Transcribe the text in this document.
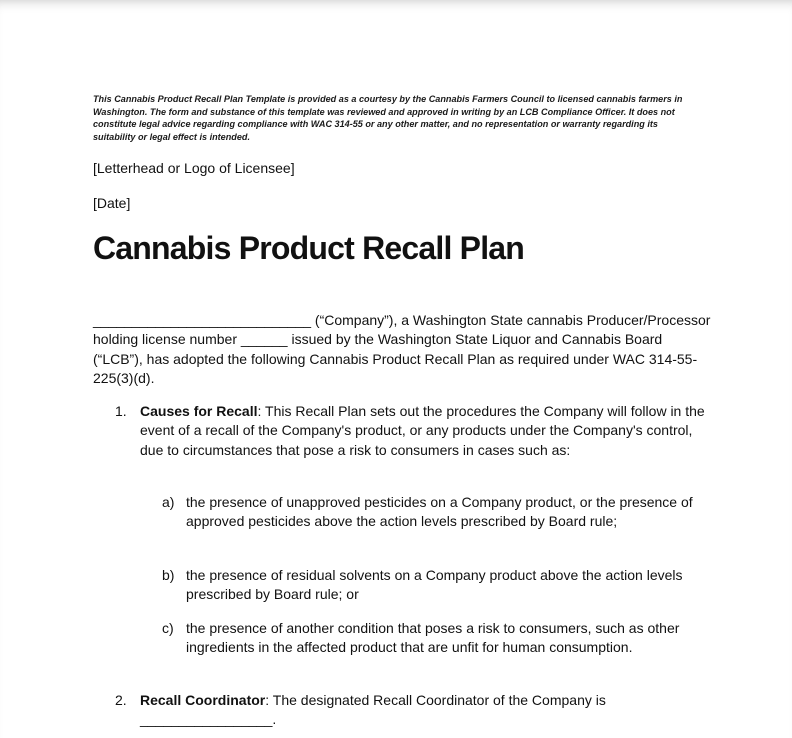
This Cannabis Product Recall Plan Template is provided as a courtesy by the Cannabis Farmers Council to licensed cannabis farmers in Washington. The form and substance of this template was reviewed and approved in writing by an LCB Compliance Officer. It does not constitute legal advice regarding compliance with WAC 314-55 or any other matter, and no representation or warranty regarding its suitability or legal effect is intended.
[Letterhead or Logo of Licensee]
[Date]
Cannabis Product Recall Plan
____________________________ (“Company”), a Washington State cannabis Producer/Processor holding license number ______ issued by the Washington State Liquor and Cannabis Board (“LCB”), has adopted the following Cannabis Product Recall Plan as required under WAC 314-55-225(3)(d).
1. Causes for Recall: This Recall Plan sets out the procedures the Company will follow in the event of a recall of the Company's product, or any products under the Company's control, due to circumstances that pose a risk to consumers in cases such as:
a) the presence of unapproved pesticides on a Company product, or the presence of approved pesticides above the action levels prescribed by Board rule;
b) the presence of residual solvents on a Company product above the action levels prescribed by Board rule; or
c) the presence of another condition that poses a risk to consumers, such as other ingredients in the affected product that are unfit for human consumption.
2. Recall Coordinator: The designated Recall Coordinator of the Company is _________________.
